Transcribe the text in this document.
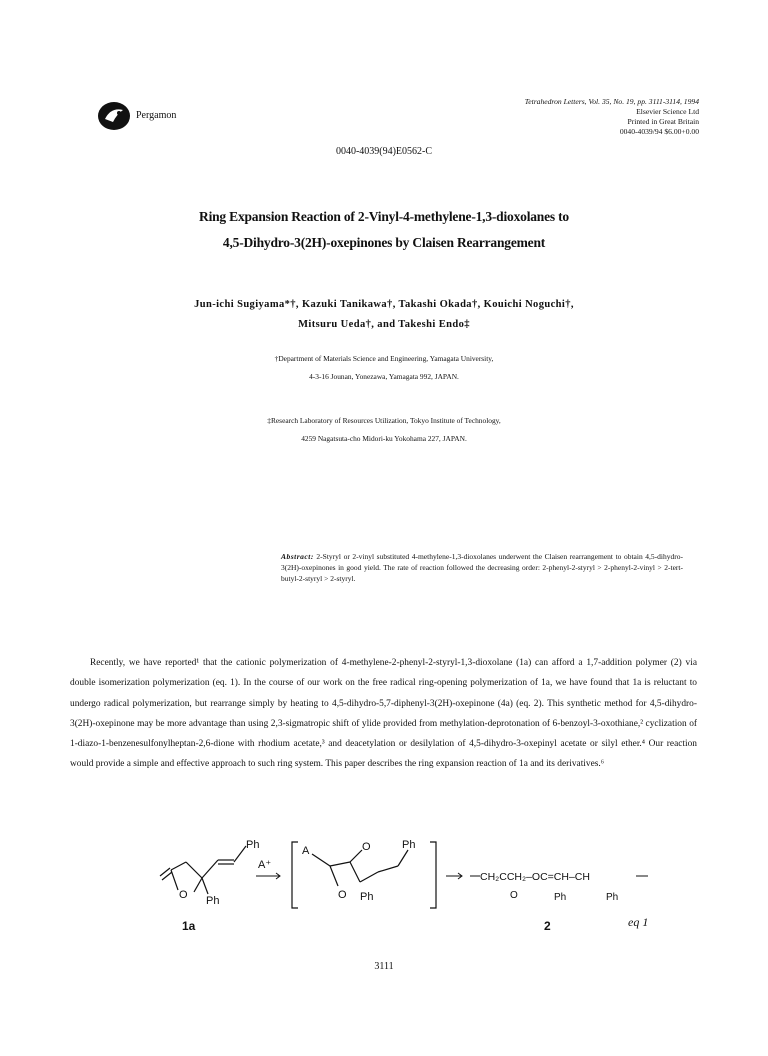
Pergamon
Tetrahedron Letters, Vol. 35, No. 19, pp. 3111-3114, 1994
Elsevier Science Ltd
Printed in Great Britain
0040-4039/94 $6.00+0.00
0040-4039(94)E0562-C
Ring Expansion Reaction of 2-Vinyl-4-methylene-1,3-dioxolanes to
4,5-Dihydro-3(2H)-oxepinones by Claisen Rearrangement
Jun-ichi Sugiyama*†, Kazuki Tanikawa†, Takashi Okada†, Kouichi Noguchi†,
Mitsuru Ueda†, and Takeshi Endo‡
†Department of Materials Science and Engineering, Yamagata University,
4-3-16 Jounan, Yonezawa, Yamagata 992, JAPAN.
‡Research Laboratory of Resources Utilization, Tokyo Institute of Technology,
4259 Nagatsuta-cho Midori-ku Yokohama 227, JAPAN.
Abstract: 2-Styryl or 2-vinyl substituted 4-methylene-1,3-dioxolanes underwent the Claisen rearrangement to obtain 4,5-dihydro-3(2H)-oxepinones in good yield. The rate of reaction followed the decreasing order: 2-phenyl-2-styryl > 2-phenyl-2-vinyl > 2-tert-butyl-2-styryl > 2-styryl.

Recently, we have reported¹ that the cationic polymerization of 4-methylene-2-phenyl-2-styryl-1,3-dioxolane (1a) can afford a 1,7-addition polymer (2) via double isomerization polymerization (eq. 1). In the course of our work on the free radical ring-opening polymerization of 1a, we have found that 1a is reluctant to undergo radical polymerization, but rearrange simply by heating to 4,5-dihydro-5,7-diphenyl-3(2H)-oxepinone (4a) (eq. 2). This synthetic method for 4,5-dihydro-3(2H)-oxepinone may be more advantage than using 2,3-sigmatropic shift of ylide provided from methylation-deprotonation of 6-benzoyl-3-oxothiane,² cyclization of 1-diazo-1-benzenesulfonylheptan-2,6-dione with rhodium acetate,³ and deacetylation or desilylation of 4,5-dihydro-3-oxepinyl acetate or silyl ether.⁴ Our reaction would provide a simple and effective approach to such ring system. This paper describes the ring expansion reaction of 1a and its derivatives.⁶

O Ph
Ph
1a
A⁺
A	O
O Ph
Ph
CH₂CCH₂–OC=CH–CH
O	Ph	Ph
2	eq 1
3111
